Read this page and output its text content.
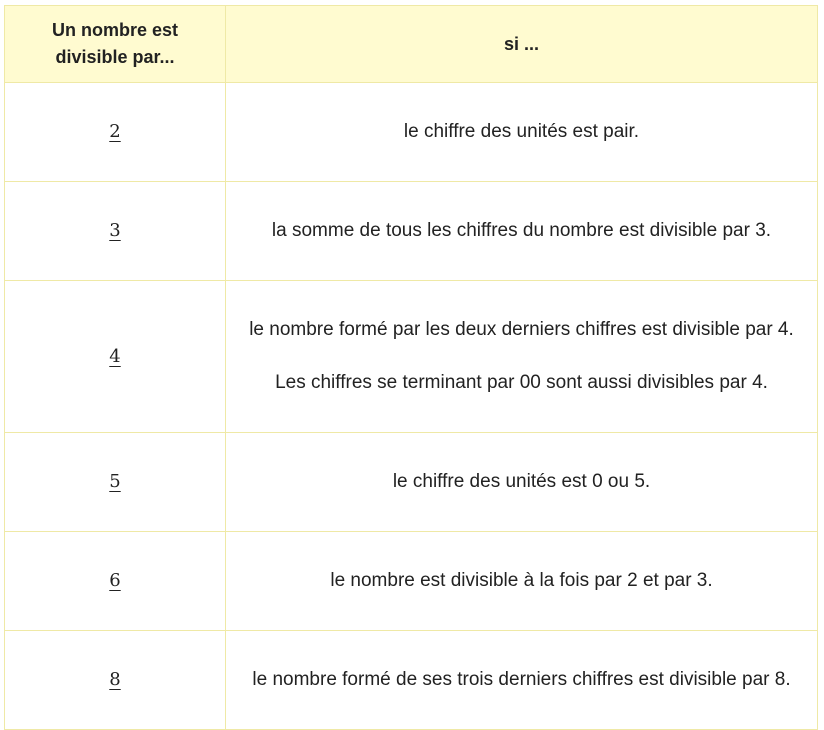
Un nombre est
divisible par...	si ...
2	le chiffre des unités est pair.
3	la somme de tous les chiffres du nombre est divisible par 3.
4	le nombre formé par les deux derniers chiffres est divisible par 4.

Les chiffres se terminant par 00 sont aussi divisibles par 4.

5	le chiffre des unités est 0 ou 5.
6	le nombre est divisible à la fois par 2 et par 3.
8	le nombre formé de ses trois derniers chiffres est divisible par 8.
